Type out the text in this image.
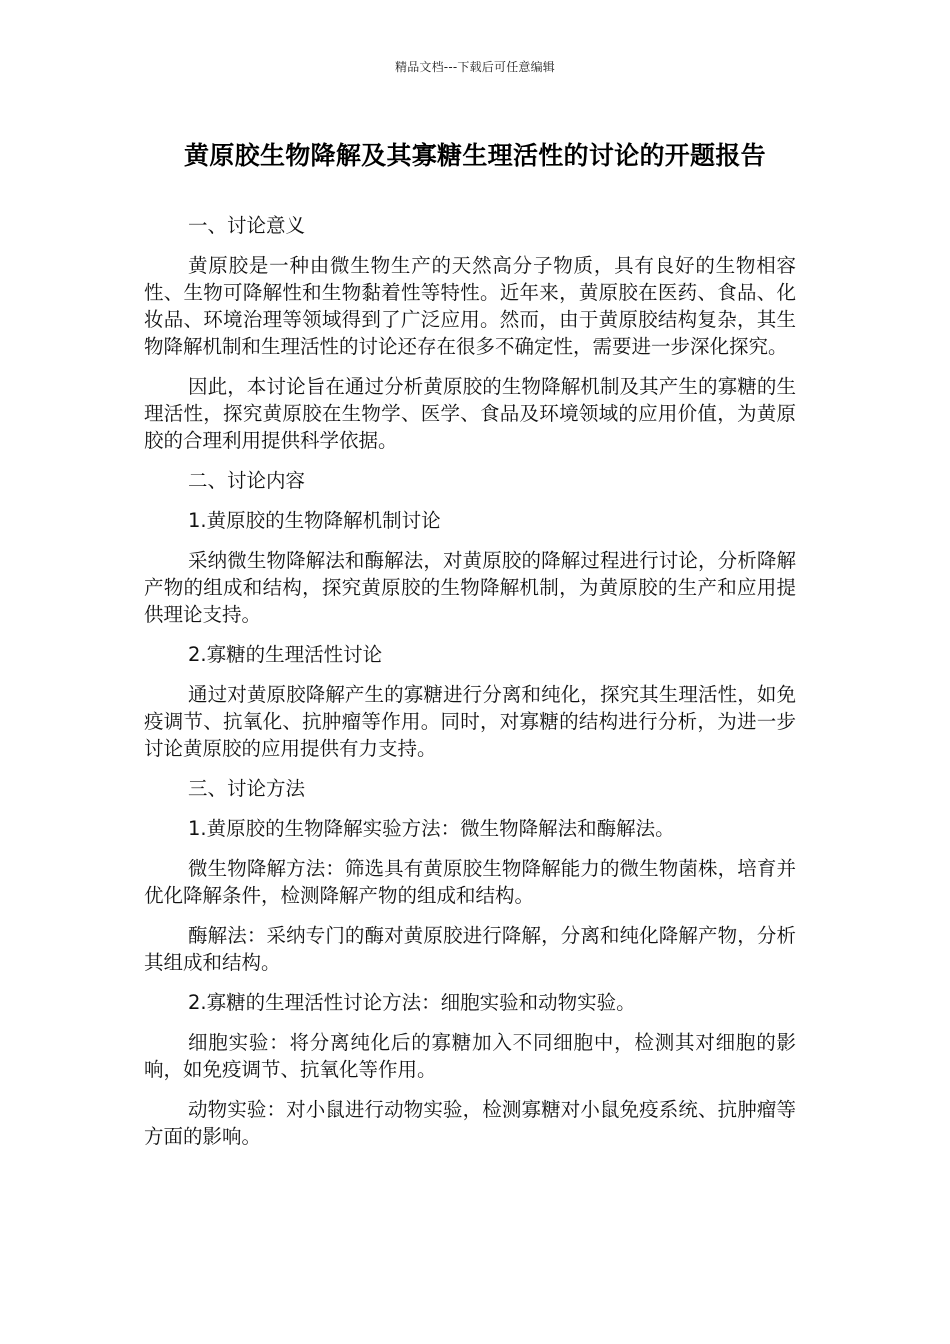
精品文档---下载后可任意编辑
黄原胶生物降解及其寡糖生理活性的讨论的开题报告

一、讨论意义

黄原胶是一种由微生物生产的天然高分子物质，具有良好的生物相容性、生物可降解性和生物黏着性等特性。近年来，黄原胶在医药、食品、化妆品、环境治理等领域得到了广泛应用。然而，由于黄原胶结构复杂，其生物降解机制和生理活性的讨论还存在很多不确定性，需要进一步深化探究。

因此，本讨论旨在通过分析黄原胶的生物降解机制及其产生的寡糖的生理活性，探究黄原胶在生物学、医学、食品及环境领域的应用价值，为黄原胶的合理利用提供科学依据。

二、讨论内容

1.黄原胶的生物降解机制讨论

采纳微生物降解法和酶解法，对黄原胶的降解过程进行讨论，分析降解产物的组成和结构，探究黄原胶的生物降解机制，为黄原胶的生产和应用提供理论支持。

2.寡糖的生理活性讨论

通过对黄原胶降解产生的寡糖进行分离和纯化，探究其生理活性，如免疫调节、抗氧化、抗肿瘤等作用。同时，对寡糖的结构进行分析，为进一步讨论黄原胶的应用提供有力支持。

三、讨论方法

1.黄原胶的生物降解实验方法：微生物降解法和酶解法。

微生物降解方法：筛选具有黄原胶生物降解能力的微生物菌株，培育并优化降解条件，检测降解产物的组成和结构。

酶解法：采纳专门的酶对黄原胶进行降解，分离和纯化降解产物，分析其组成和结构。

2.寡糖的生理活性讨论方法：细胞实验和动物实验。

细胞实验：将分离纯化后的寡糖加入不同细胞中，检测其对细胞的影响，如免疫调节、抗氧化等作用。

动物实验：对小鼠进行动物实验，检测寡糖对小鼠免疫系统、抗肿瘤等方面的影响。
